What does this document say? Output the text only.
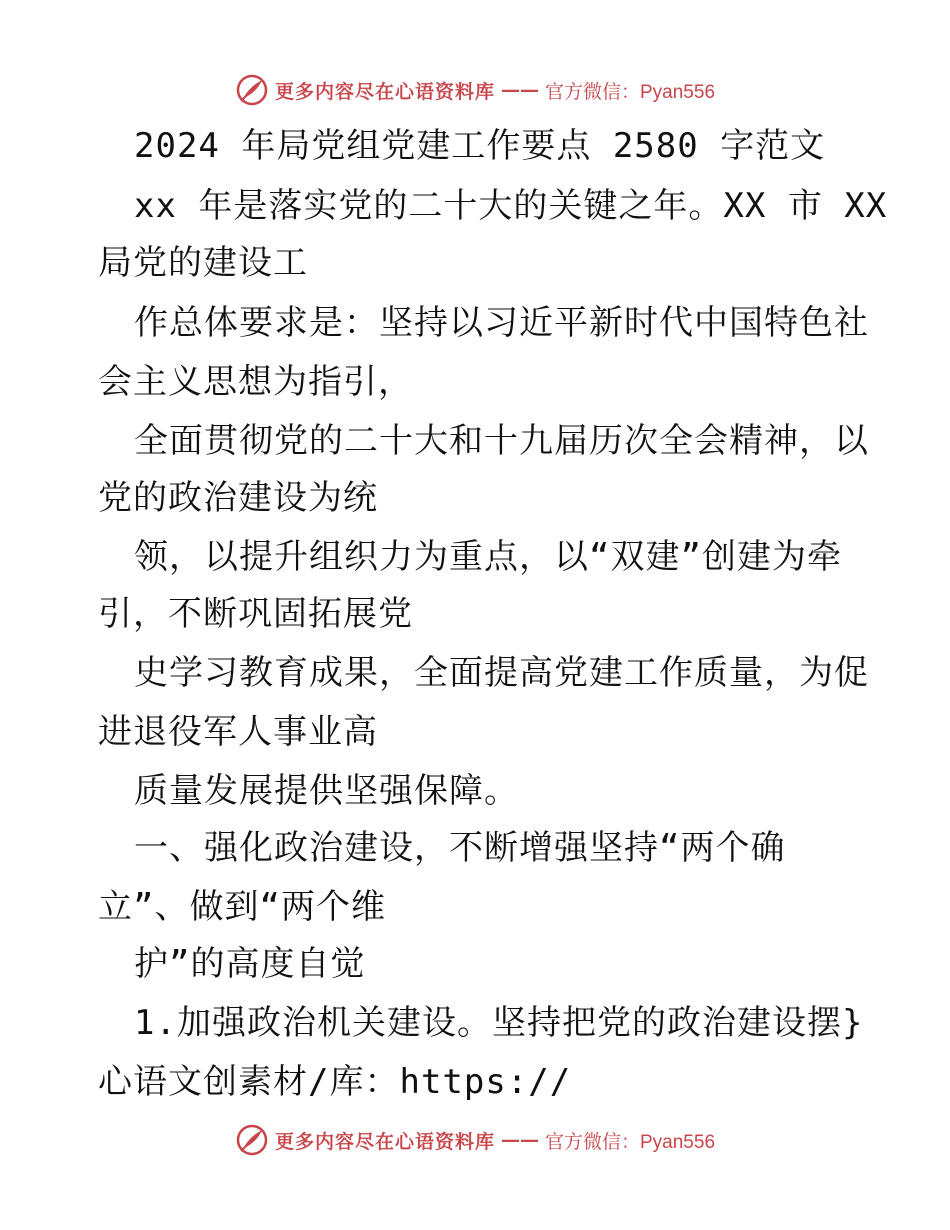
更多内容尽在心语资料库 —— 官方微信：Pyan556
2024 年局党组党建工作要点 2580 字范文
xx 年是落实党的二十大的关键之年。XX 市 XX
局党的建设工
作总体要求是：坚持以习近平新时代中国特色社
会主义思想为指引，
全面贯彻党的二十大和十九届历次全会精神，以
党的政治建设为统
领，以提升组织力为重点，以“双建”创建为牵
引，不断巩固拓展党
史学习教育成果，全面提高党建工作质量，为促
进退役军人事业高
质量发展提供坚强保障。
一、强化政治建设，不断增强坚持“两个确
立”、做到“两个维
护”的高度自觉
1.加强政治机关建设。坚持把党的政治建设摆}
心语文创素材/库：https://
更多内容尽在心语资料库 —— 官方微信：Pyan556
